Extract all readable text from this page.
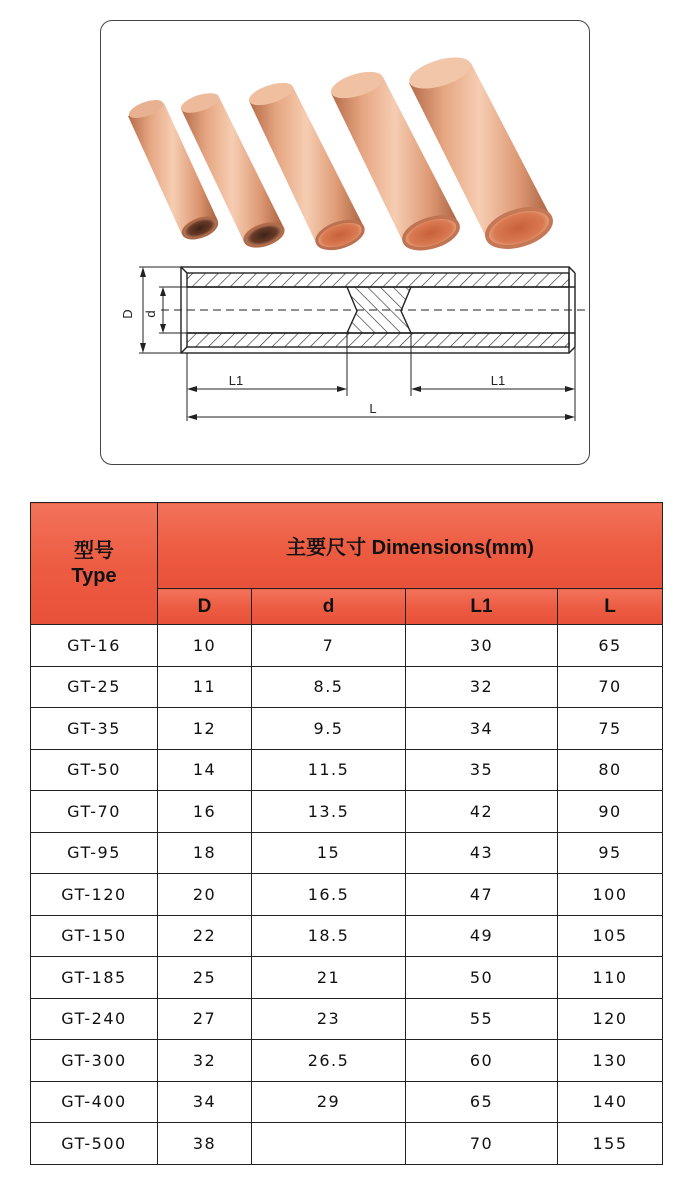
D d
L1	L1
L
型号
Type	主要尺寸 Dimensions(mm)			
	D	d	L1	L
GT-16	10	7	30	65
GT-25	11	8.5	32	70
GT-35	12	9.5	34	75
GT-50	14	11.5	35	80
GT-70	16	13.5	42	90
GT-95	18	15	43	95
GT-120	20	16.5	47	100
GT-150	22	18.5	49	105
GT-185	25	21	50	110
GT-240	27	23	55	120
GT-300	32	26.5	60	130
GT-400	34	29	65	140
GT-500	38		70	155
